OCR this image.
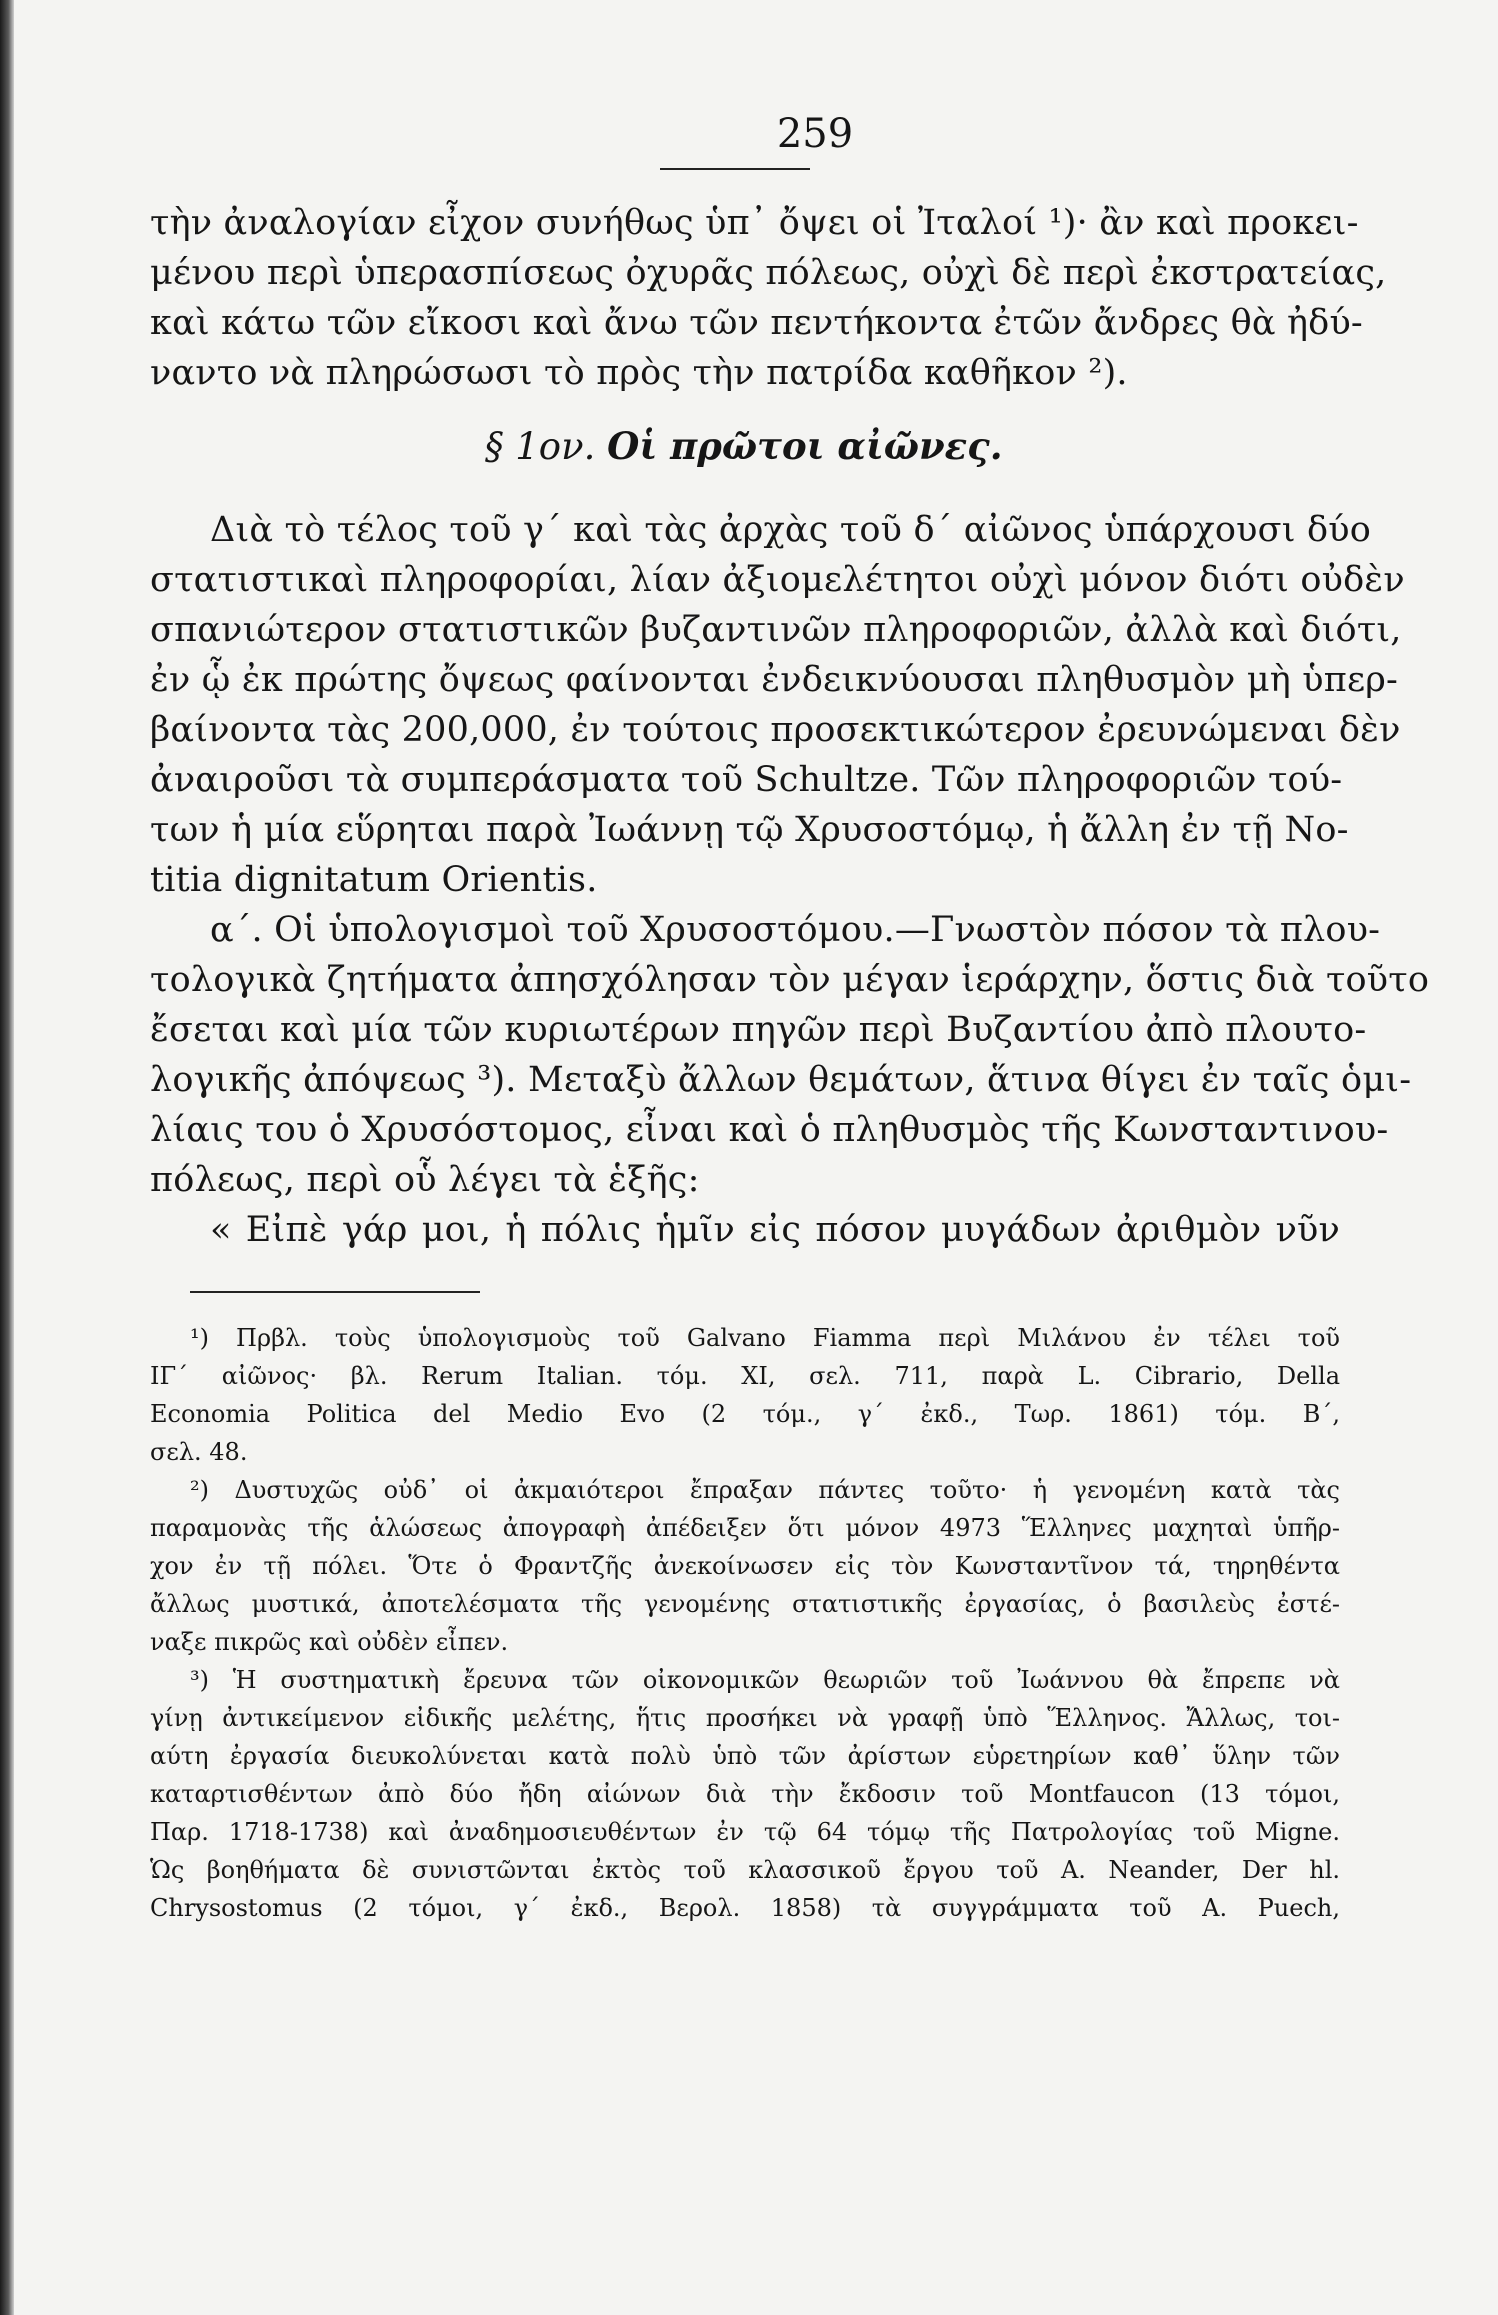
259
τὴν ἀναλογίαν εἶχον συνήθως ὑπ᾽ ὄψει οἱ Ἰταλοί ¹)· ἂν καὶ προκει-
μένου περὶ ὑπερασπίσεως ὀχυρᾶς πόλεως, οὐχὶ δὲ περὶ ἐκστρατείας,
καὶ κάτω τῶν εἴκοσι καὶ ἄνω τῶν πεντήκοντα ἐτῶν ἄνδρες θὰ ἠδύ-
ναντο νὰ πληρώσωσι τὸ πρὸς τὴν πατρίδα καθῆκον ²).
§ 1ον. Οἱ πρῶτοι αἰῶνες.
Διὰ τὸ τέλος τοῦ γ´ καὶ τὰς ἀρχὰς τοῦ δ´ αἰῶνος ὑπάρχουσι δύο
στατιστικαὶ πληροφορίαι, λίαν ἀξιομελέτητοι οὐχὶ μόνον διότι οὐδὲν
σπανιώτερον στατιστικῶν βυζαντινῶν πληροφοριῶν, ἀλλὰ καὶ διότι,
ἐν ᾧ ἐκ πρώτης ὄψεως φαίνονται ἐνδεικνύουσαι πληθυσμὸν μὴ ὑπερ-
βαίνοντα τὰς 200,000, ἐν τούτοις προσεκτικώτερον ἐρευνώμεναι δὲν
ἀναιροῦσι τὰ συμπεράσματα τοῦ Schultze. Τῶν πληροφοριῶν τού-
των ἡ μία εὕρηται παρὰ Ἰωάννῃ τῷ Χρυσοστόμῳ, ἡ ἄλλη ἐν τῇ No-
titia dignitatum Orientis.
α´. Οἱ ὑπολογισμοὶ τοῦ Χρυσοστόμου.—Γνωστὸν πόσον τὰ πλου-
τολογικὰ ζητήματα ἀπησχόλησαν τὸν μέγαν ἱεράρχην, ὅστις διὰ τοῦτο
ἔσεται καὶ μία τῶν κυριωτέρων πηγῶν περὶ Βυζαντίου ἀπὸ πλουτο-
λογικῆς ἀπόψεως ³). Μεταξὺ ἄλλων θεμάτων, ἅτινα θίγει ἐν ταῖς ὁμι-
λίαις του ὁ Χρυσόστομος, εἶναι καὶ ὁ πληθυσμὸς τῆς Κωνσταντινου-
πόλεως, περὶ οὗ λέγει τὰ ἑξῆς:
« Εἰπὲ γάρ μοι, ἡ πόλις ἡμῖν εἰς πόσον μυγάδων ἀριθμὸν νῦν
¹) Πρβλ. τοὺς ὑπολογισμοὺς τοῦ Galvano Fiamma περὶ Μιλάνου ἐν τέλει τοῦ
ΙΓ´ αἰῶνος· βλ. Rerum Italian. τόμ. XI, σελ. 711, παρὰ L. Cibrario, Della
Economia Politica del Medio Evo (2 τόμ., γ´ ἐκδ., Τωρ. 1861) τόμ. Β´,
σελ. 48.
²) Δυστυχῶς οὐδ᾽ οἱ ἀκμαιότεροι ἔπραξαν πάντες τοῦτο· ἡ γενομένη κατὰ τὰς
παραμονὰς τῆς ἁλώσεως ἀπογραφὴ ἀπέδειξεν ὅτι μόνον 4973 Ἕλληνες μαχηταὶ ὑπῆρ-
χον ἐν τῇ πόλει. Ὅτε ὁ Φραντζῆς ἀνεκοίνωσεν εἰς τὸν Κωνσταντῖνον τά, τηρηθέντα
ἄλλως μυστικά, ἀποτελέσματα τῆς γενομένης στατιστικῆς ἐργασίας, ὁ βασιλεὺς ἐστέ-
ναξε πικρῶς καὶ οὐδὲν εἶπεν.
³) Ἡ συστηματικὴ ἔρευνα τῶν οἰκονομικῶν θεωριῶν τοῦ Ἰωάννου θὰ ἔπρεπε νὰ
γίνῃ ἀντικείμενον εἰδικῆς μελέτης, ἥτις προσήκει νὰ γραφῇ ὑπὸ Ἕλληνος. Ἄλλως, τοι-
αύτη ἐργασία διευκολύνεται κατὰ πολὺ ὑπὸ τῶν ἀρίστων εὑρετηρίων καθ᾽ ὕλην τῶν
καταρτισθέντων ἀπὸ δύο ἤδη αἰώνων διὰ τὴν ἔκδοσιν τοῦ Montfaucon (13 τόμοι,
Παρ. 1718-1738) καὶ ἀναδημοσιευθέντων ἐν τῷ 64 τόμῳ τῆς Πατρολογίας τοῦ Migne.
Ὡς βοηθήματα δὲ συνιστῶνται ἐκτὸς τοῦ κλασσικοῦ ἔργου τοῦ A. Neander, Der hl.
Chrysostomus (2 τόμοι, γ´ ἐκδ., Βερολ. 1858) τὰ συγγράμματα τοῦ A. Puech,
